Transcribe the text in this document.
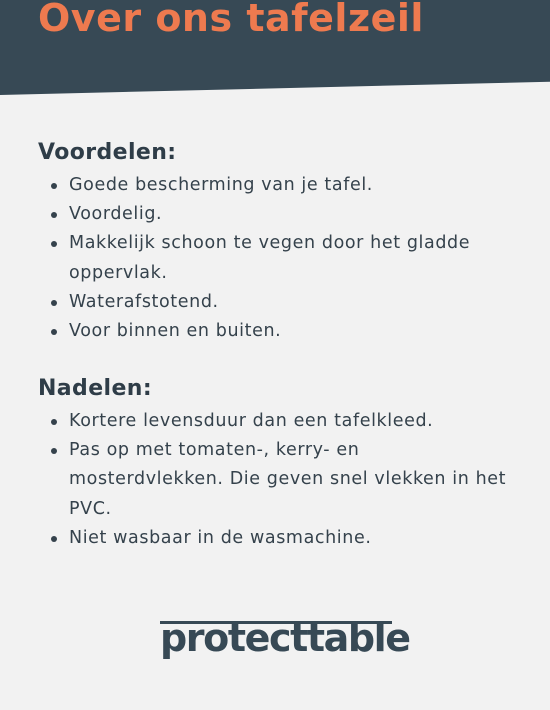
Over ons tafelzeil
Voordelen:
Goede bescherming van je tafel.
Voordelig.
Makkelijk schoon te vegen door het gladde oppervlak.
Waterafstotend.
Voor binnen en buiten.
Nadelen:
Kortere levensduur dan een tafelkleed.
Pas op met tomaten-, kerry- en mosterdvlekken. Die geven snel vlekken in het PVC.
Niet wasbaar in de wasmachine.
protecttable
